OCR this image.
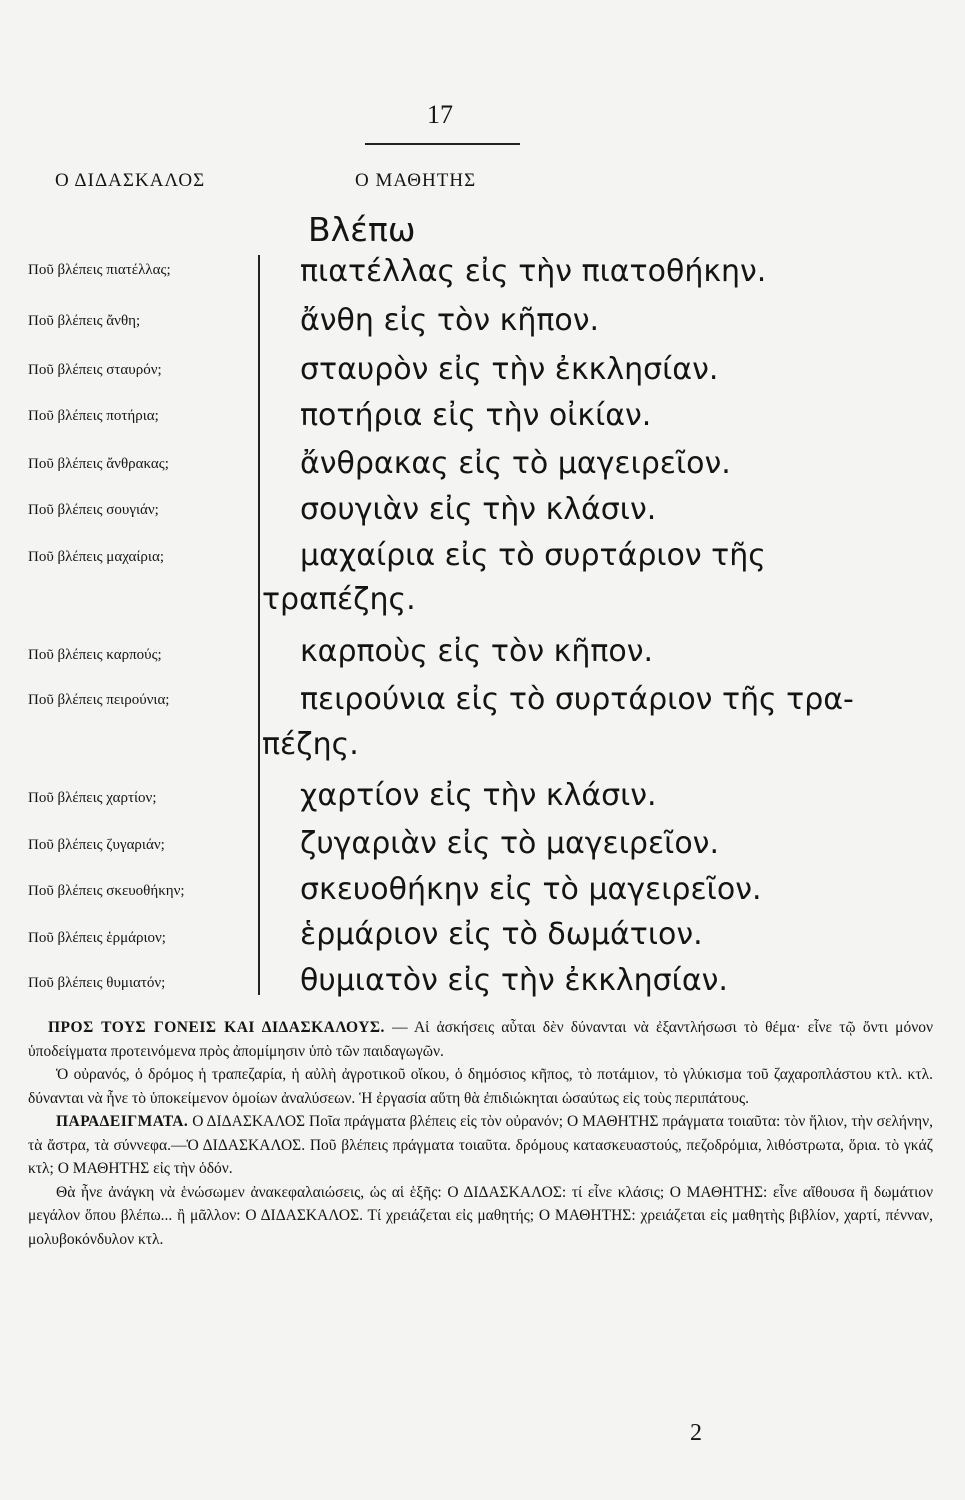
17
Ο ΔΙΔΑΣΚΑΛΟΣ	Ο ΜΑΘΗΤΗΣ
Βλέπω
Ποῦ βλέπεις πιατέλλας;	πιατέλλας εἰς τὴν πιατοθήκην.
Ποῦ βλέπεις ἄνθη;	ἄνθη εἰς τὸν κῆπον.
Ποῦ βλέπεις σταυρόν;	σταυρὸν εἰς τὴν ἐκκλησίαν.
Ποῦ βλέπεις ποτήρια;	ποτήρια εἰς τὴν οἰκίαν.
Ποῦ βλέπεις ἄνθρακας;	ἄνθρακας εἰς τὸ μαγειρεῖον.
Ποῦ βλέπεις σουγιάν;	σουγιὰν εἰς τὴν κλάσιν.
Ποῦ βλέπεις μαχαίρια;	μαχαίρια εἰς τὸ συρτάριον τῆς
τραπέζης.
Ποῦ βλέπεις καρπούς;	καρποὺς εἰς τὸν κῆπον.
Ποῦ βλέπεις πειρούνια;	πειρούνια εἰς τὸ συρτάριον τῆς τρα-
πέζης.
Ποῦ βλέπεις χαρτίον;	χαρτίον εἰς τὴν κλάσιν.
Ποῦ βλέπεις ζυγαριάν;	ζυγαριὰν εἰς τὸ μαγειρεῖον.
Ποῦ βλέπεις σκευοθήκην;	σκευοθήκην εἰς τὸ μαγειρεῖον.
Ποῦ βλέπεις ἑρμάριον;	ἑρμάριον εἰς τὸ δωμάτιον.
Ποῦ βλέπεις θυμιατόν;	θυμιατὸν εἰς τὴν ἐκκλησίαν.

ΠΡΟΣ ΤΟΥΣ ΓΟΝΕΙΣ ΚΑΙ ΔΙΔΑΣΚΑΛΟΥΣ. — Αἱ ἀσκήσεις αὗται δὲν δύνανται νὰ ἐξαντλήσωσι τὸ θέμα· εἶνε τῷ ὄντι μόνον ὑποδείγματα προτεινόμενα πρὸς ἀπομίμησιν ὑπὸ τῶν παιδαγωγῶν.

Ὁ οὐρανός, ὁ δρόμος ἡ τραπεζαρία, ἡ αὐλὴ ἀγροτικοῦ οἴκου, ὁ δημόσιος κῆπος, τὸ ποτάμιον, τὸ γλύκισμα τοῦ ζαχαροπλάστου κτλ. κτλ. δύνανται νὰ ἦνε τὸ ὑποκείμενον ὁμοίων ἀναλύσεων. Ἡ ἐργασία αὕτη θὰ ἐπιδιώκηται ὡσαύτως εἰς τοὺς περιπάτους.

ΠΑΡΑΔΕΙΓΜΑΤΑ. Ο ΔΙΔΑΣΚΑΛΟΣ Ποῖα πράγματα βλέπεις εἰς τὸν οὐρανόν; Ο ΜΑΘΗΤΗΣ πράγματα τοιαῦτα: τὸν ἥλιον, τὴν σελήνην, τὰ ἄστρα, τὰ σύννεφα.—Ὁ ΔΙΔΑΣΚΑΛΟΣ. Ποῦ βλέπεις πράγματα τοιαῦτα. δρόμους κατασκευαστούς, πεζοδρόμια, λιθόστρωτα, ὅρια. τὸ γκάζ κτλ; Ο ΜΑΘΗΤΗΣ εἰς τὴν ὁδόν.

Θὰ ἦνε ἀνάγκη νὰ ἑνώσωμεν ἀνακεφαλαιώσεις, ὡς αἱ ἑξῆς: Ο ΔΙΔΑΣΚΑΛΟΣ: τί εἶνε κλάσις; Ο ΜΑΘΗΤΗΣ: εἶνε αἴθουσα ἢ δωμάτιον μεγάλον ὅπου βλέπω... ἢ μᾶλλον: Ο ΔΙΔΑΣΚΑΛΟΣ. Τί χρειάζεται εἰς μαθητής; Ο ΜΑΘΗΤΗΣ: χρειάζεται εἰς μαθητὴς βιβλίον, χαρτί, πένναν, μολυβοκόνδυλον κτλ.

2
